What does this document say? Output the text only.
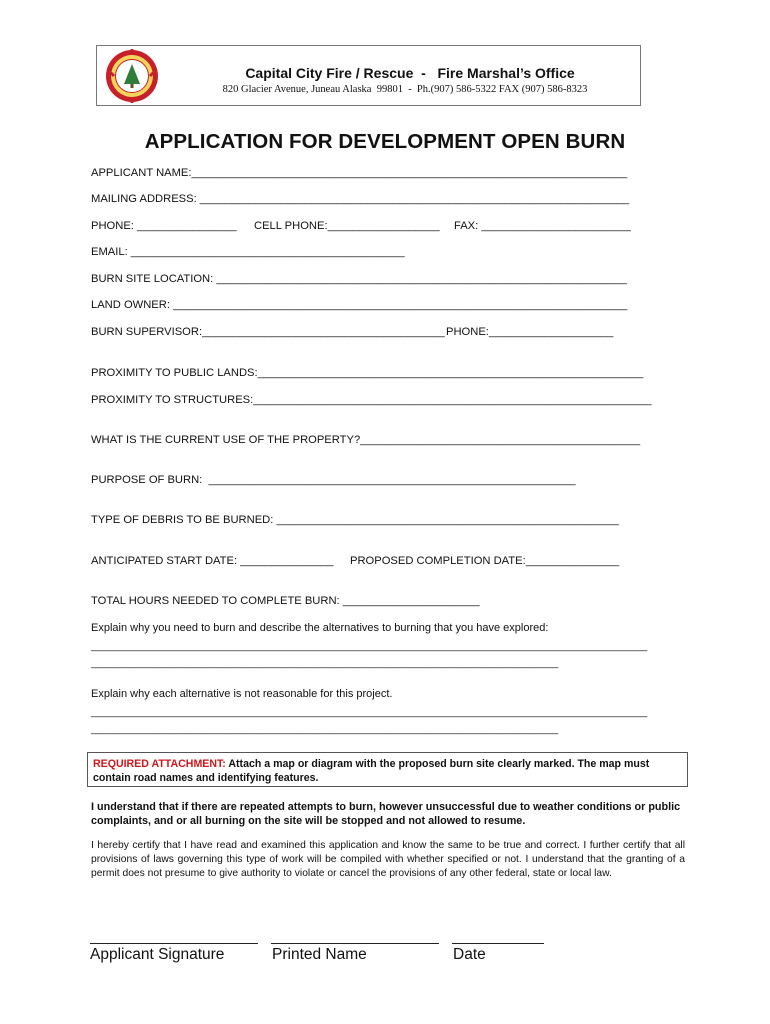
Capital City Fire / Rescue  -   Fire Marshal’s Office
820 Glacier Avenue, Juneau Alaska  99801  -  Ph.(907) 586-5322 FAX (907) 586-8323
APPLICATION FOR DEVELOPMENT OPEN BURN
APPLICANT NAME:______________________________________________________________________
MAILING ADDRESS: _____________________________________________________________________
PHONE: ________________ CELL PHONE:__________________ FAX: ________________________
EMAIL: ____________________________________________
BURN SITE LOCATION: __________________________________________________________________
LAND OWNER: _________________________________________________________________________
BURN SUPERVISOR:_______________________________________ PHONE:____________________
PROXIMITY TO PUBLIC LANDS:______________________________________________________________
PROXIMITY TO STRUCTURES:________________________________________________________________
WHAT IS THE CURRENT USE OF THE PROPERTY?_____________________________________________
PURPOSE OF BURN:  ___________________________________________________________
TYPE OF DEBRIS TO BE BURNED: _______________________________________________________
ANTICIPATED START DATE: _______________ PROPOSED COMPLETION DATE:_______________
TOTAL HOURS NEEDED TO COMPLETE BURN: ______________________
Explain why you need to burn and describe the alternatives to burning that you have explored:
____________________________________________________________________________________________________
____________________________________________________________________________________
Explain why each alternative is not reasonable for this project.
____________________________________________________________________________________________________
____________________________________________________________________________________
REQUIRED ATTACHMENT: Attach a map or diagram with the proposed burn site clearly marked. The map must contain road names and identifying features.
I understand that if there are repeated attempts to burn, however unsuccessful due to weather conditions or public complaints, and or all burning on the site will be stopped and not allowed to resume.
I hereby certify that I have read and examined this application and know the same to be true and correct. I further certify that all provisions of laws governing this type of work will be compiled with whether specified or not. I understand that the granting of a permit does not presume to give authority to violate or cancel the provisions of any other federal, state or local law.
Applicant Signature	Printed Name	Date
